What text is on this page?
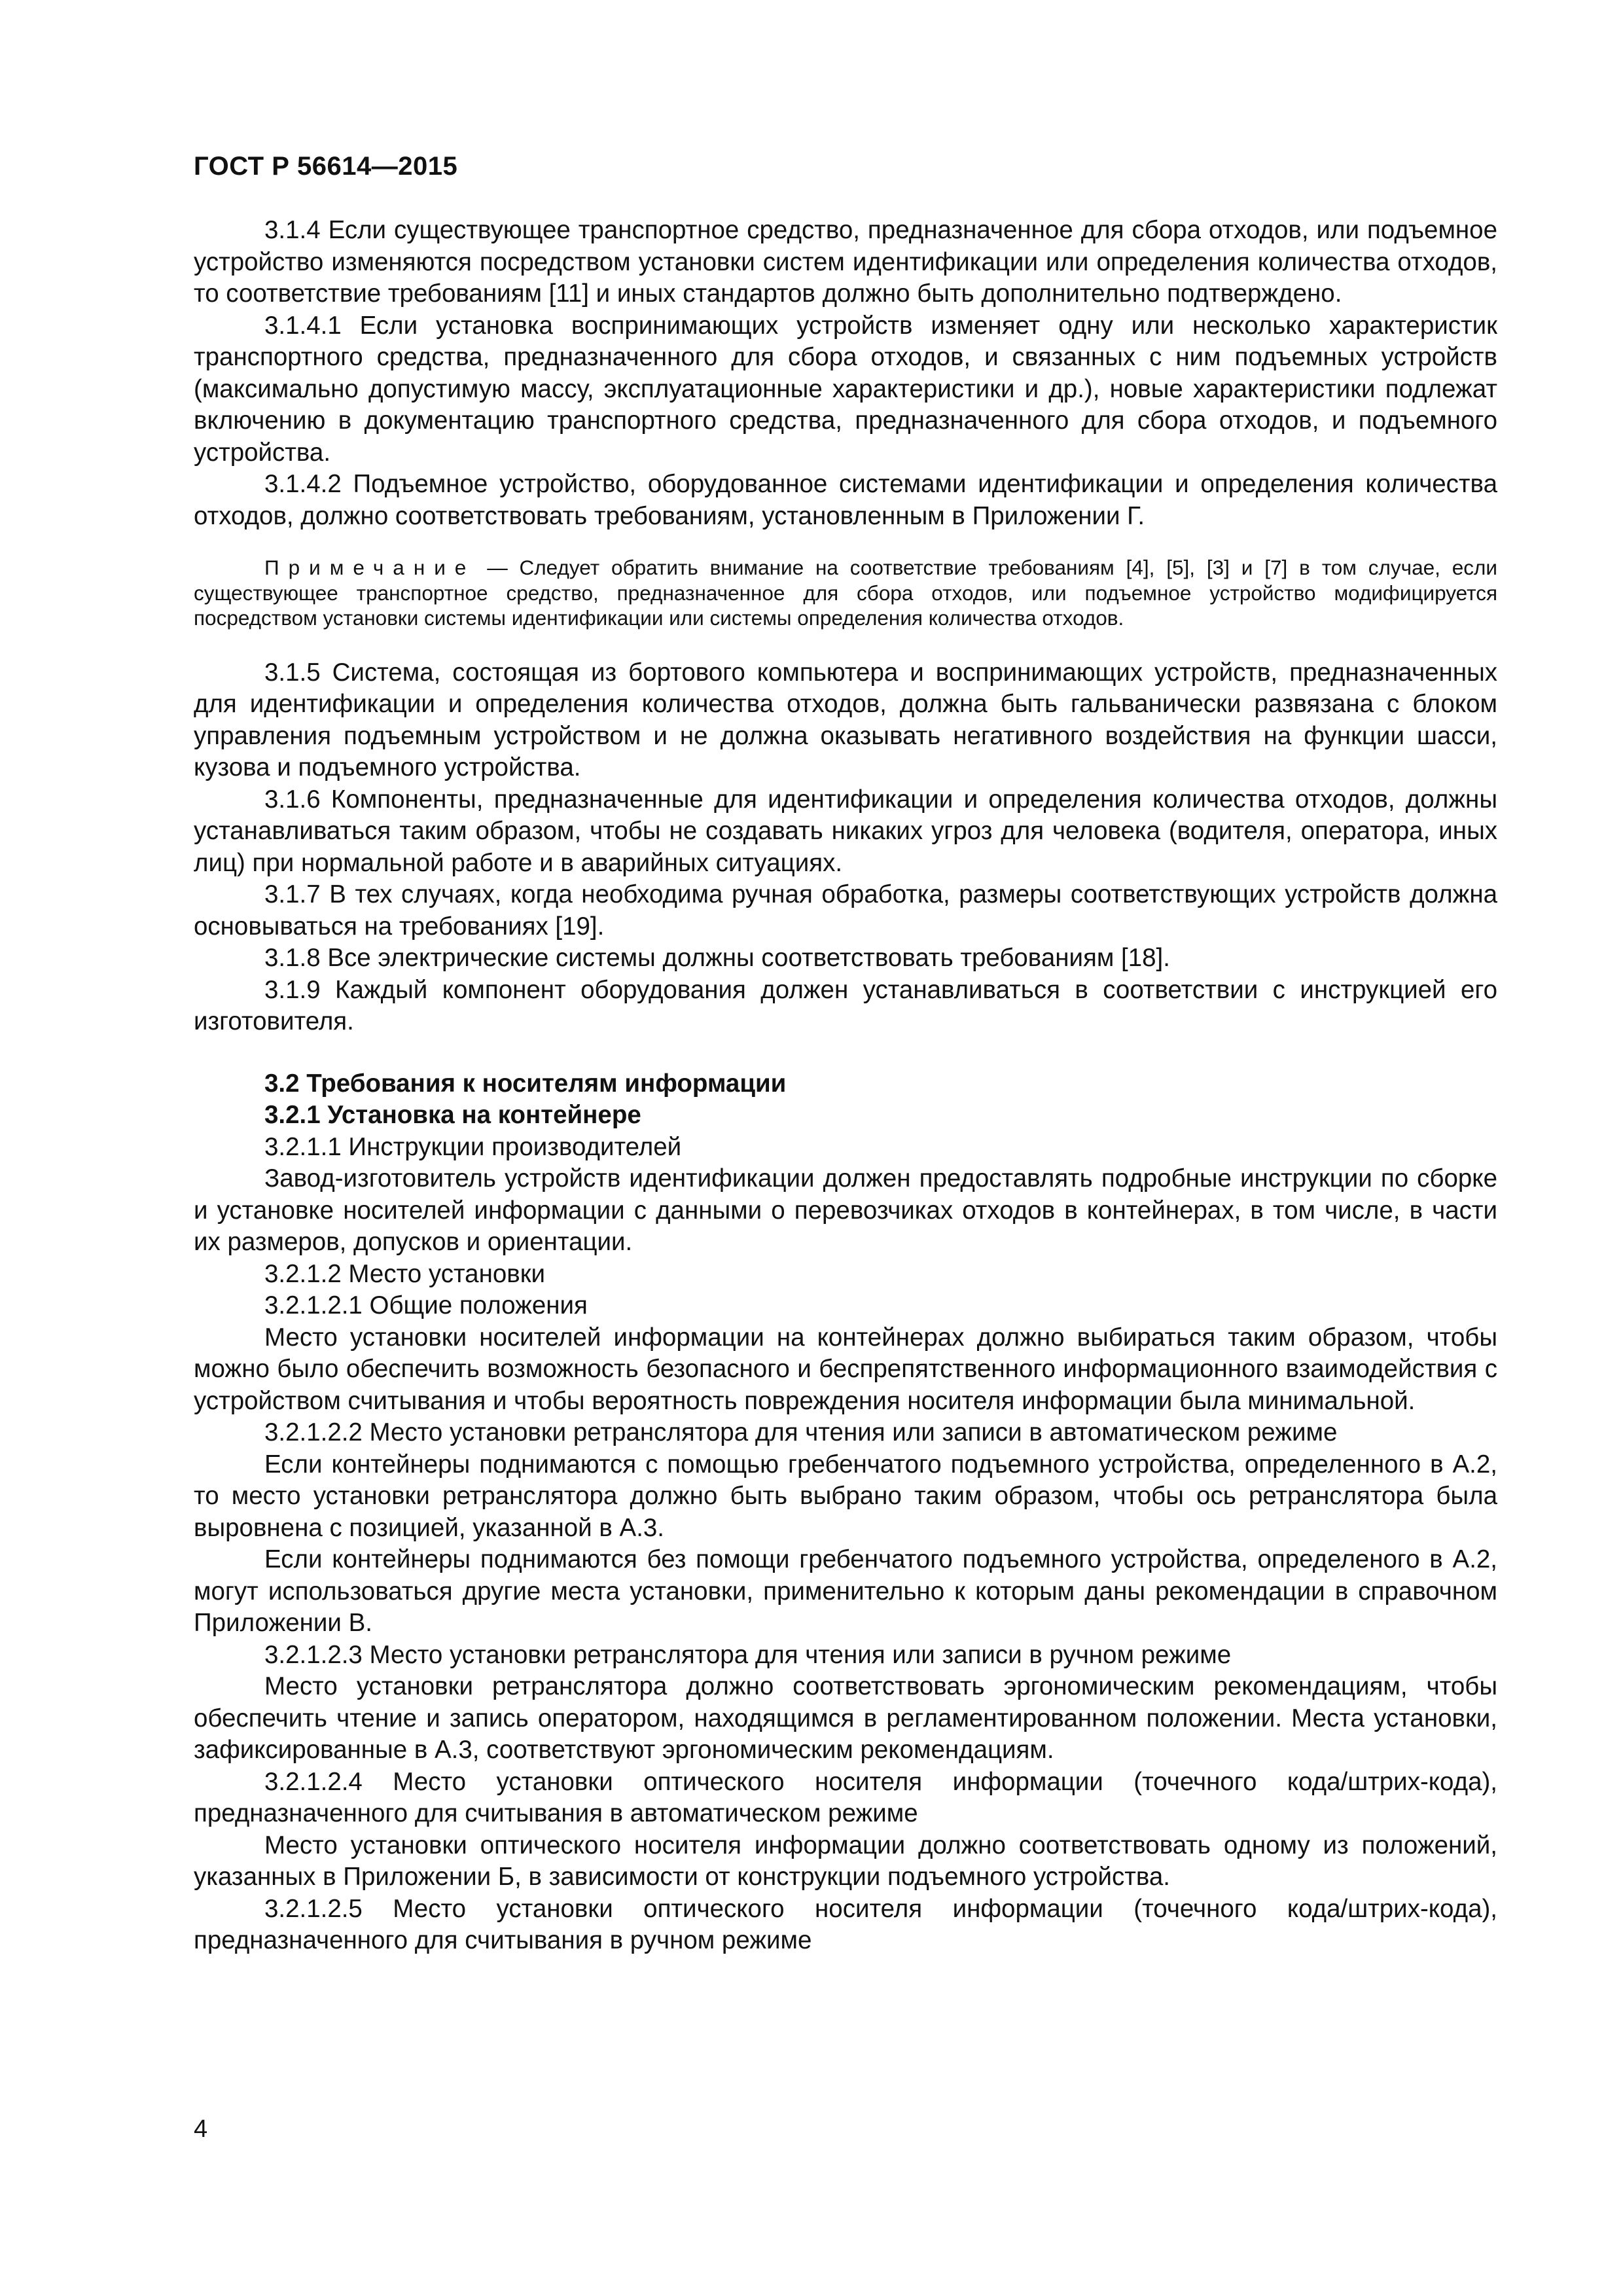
ГОСТ Р 56614—2015

3.1.4 Если существующее транспортное средство, предназначенное для сбора отходов, или подъемное устройство изменяются посредством установки систем идентификации или определения количества отходов, то соответствие требованиям [11] и иных стандартов должно быть дополнительно подтверждено.

3.1.4.1 Если установка воспринимающих устройств изменяет одну или несколько характеристик транспортного средства, предназначенного для сбора отходов, и связанных с ним подъемных устройств (максимально допустимую массу, эксплуатационные характеристики и др.), новые характеристики подлежат включению в документацию транспортного средства, предназначенного для сбора отходов, и подъемного устройства.

3.1.4.2 Подъемное устройство, оборудованное системами идентификации и определения количества отходов, должно соответствовать требованиям, установленным в Приложении Г.

Примечание — Следует обратить внимание на соответствие требованиям [4], [5], [3] и [7] в том случае, если существующее транспортное средство, предназначенное для сбора отходов, или подъемное устройство модифицируется посредством установки системы идентификации или системы определения количества отходов.

3.1.5 Система, состоящая из бортового компьютера и воспринимающих устройств, предназначенных для идентификации и определения количества отходов, должна быть гальванически развязана с блоком управления подъемным устройством и не должна оказывать негативного воздействия на функции шасси, кузова и подъемного устройства.

3.1.6 Компоненты, предназначенные для идентификации и определения количества отходов, должны устанавливаться таким образом, чтобы не создавать никаких угроз для человека (водителя, оператора, иных лиц) при нормальной работе и в аварийных ситуациях.

3.1.7 В тех случаях, когда необходима ручная обработка, размеры соответствующих устройств должна основываться на требованиях [19].

3.1.8 Все электрические системы должны соответствовать требованиям [18].

3.1.9 Каждый компонент оборудования должен устанавливаться в соответствии с инструкцией его изготовителя.

3.2 Требования к носителям информации

3.2.1 Установка на контейнере

3.2.1.1 Инструкции производителей

Завод-изготовитель устройств идентификации должен предоставлять подробные инструкции по сборке и установке носителей информации с данными о перевозчиках отходов в контейнерах, в том числе, в части их размеров, допусков и ориентации.

3.2.1.2 Место установки

3.2.1.2.1 Общие положения

Место установки носителей информации на контейнерах должно выбираться таким образом, чтобы можно было обеспечить возможность безопасного и беспрепятственного информационного взаимодействия с устройством считывания и чтобы вероятность повреждения носителя информации была минимальной.

3.2.1.2.2 Место установки ретранслятора для чтения или записи в автоматическом режиме

Если контейнеры поднимаются с помощью гребенчатого подъемного устройства, определенного в А.2, то место установки ретранслятора должно быть выбрано таким образом, чтобы ось ретранслятора была выровнена с позицией, указанной в А.3.

Если контейнеры поднимаются без помощи гребенчатого подъемного устройства, определеного в А.2, могут использоваться другие места установки, применительно к которым даны рекомендации в справочном Приложении В.

3.2.1.2.3 Место установки ретранслятора для чтения или записи в ручном режиме

Место установки ретранслятора должно соответствовать эргономическим рекомендациям, чтобы обеспечить чтение и запись оператором, находящимся в регламентированном положении. Места установки, зафиксированные в А.3, соответствуют эргономическим рекомендациям.

3.2.1.2.4 Место установки оптического носителя информации (точечного кода/штрих-кода), предназначенного для считывания в автоматическом режиме

Место установки оптического носителя информации должно соответствовать одному из положений, указанных в Приложении Б, в зависимости от конструкции подъемного устройства.

3.2.1.2.5 Место установки оптического носителя информации (точечного кода/штрих-кода), предназначенного для считывания в ручном режиме

4
